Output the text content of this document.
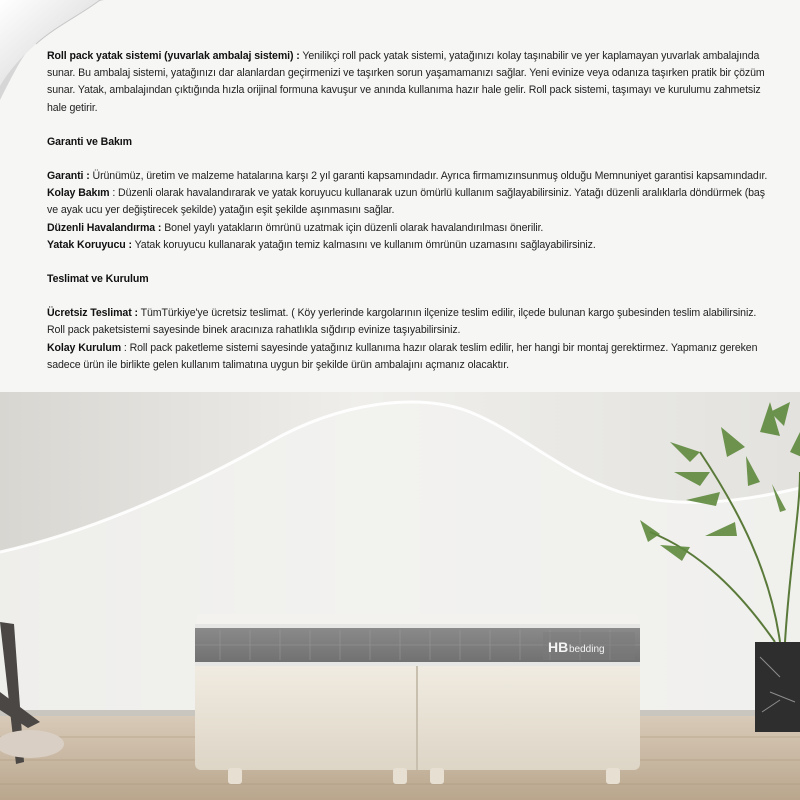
Roll pack yatak sistemi (yuvarlak ambalaj sistemi) : Yenilikçi roll pack yatak sistemi, yatağınızı kolay taşınabilir ve yer kaplamayan yuvarlak ambalajında sunar. Bu ambalaj sistemi, yatağınızı dar alanlardan geçirmenizi ve taşırken sorun yaşamamanızı sağlar. Yeni evinize veya odanıza taşırken pratik bir çözüm sunar. Yatak, ambalajından çıktığında hızla orijinal formuna kavuşur ve anında kullanıma hazır hale gelir. Roll pack sistemi, taşımayı ve kurulumu zahmetsiz hale getirir.

Garanti ve Bakım

Garanti : Ürünümüz, üretim ve malzeme hatalarına karşı 2 yıl garanti kapsamındadır. Ayrıca firmamızınsunmuş olduğu Memnuniyet garantisi kapsamındadır.

Kolay Bakım : Düzenli olarak havalandırarak ve yatak koruyucu kullanarak uzun ömürlü kullanım sağlayabilirsiniz. Yatağı düzenli aralıklarla döndürmek (baş ve ayak ucu yer değiştirecek şekilde) yatağın eşit şekilde aşınmasını sağlar.

Düzenli Havalandırma : Bonel yaylı yatakların ömrünü uzatmak için düzenli olarak havalandırılması önerilir.

Yatak Koruyucu : Yatak koruyucu kullanarak yatağın temiz kalmasını ve kullanım ömrünün uzamasını sağlayabilirsiniz.

Teslimat ve Kurulum

Ücretsiz Teslimat : TümTürkiye'ye ücretsiz teslimat. ( Köy yerlerinde kargolarının ilçenize teslim edilir, ilçede bulunan kargo şubesinden teslim alabilirsiniz. Roll pack paketsistemi sayesinde binek aracınıza rahatlıkla sığdırıp evinize taşıyabilirsiniz.

Kolay Kurulum : Roll pack paketleme sistemi sayesinde yatağınız kullanıma hazır olarak teslim edilir, her hangi bir montaj gerektirmez. Yapmanız gereken sadece ürün ile birlikte gelen kullanım talimatına uygun bir şekilde ürün ambalajını açmanız olacaktır.

HB bedding
